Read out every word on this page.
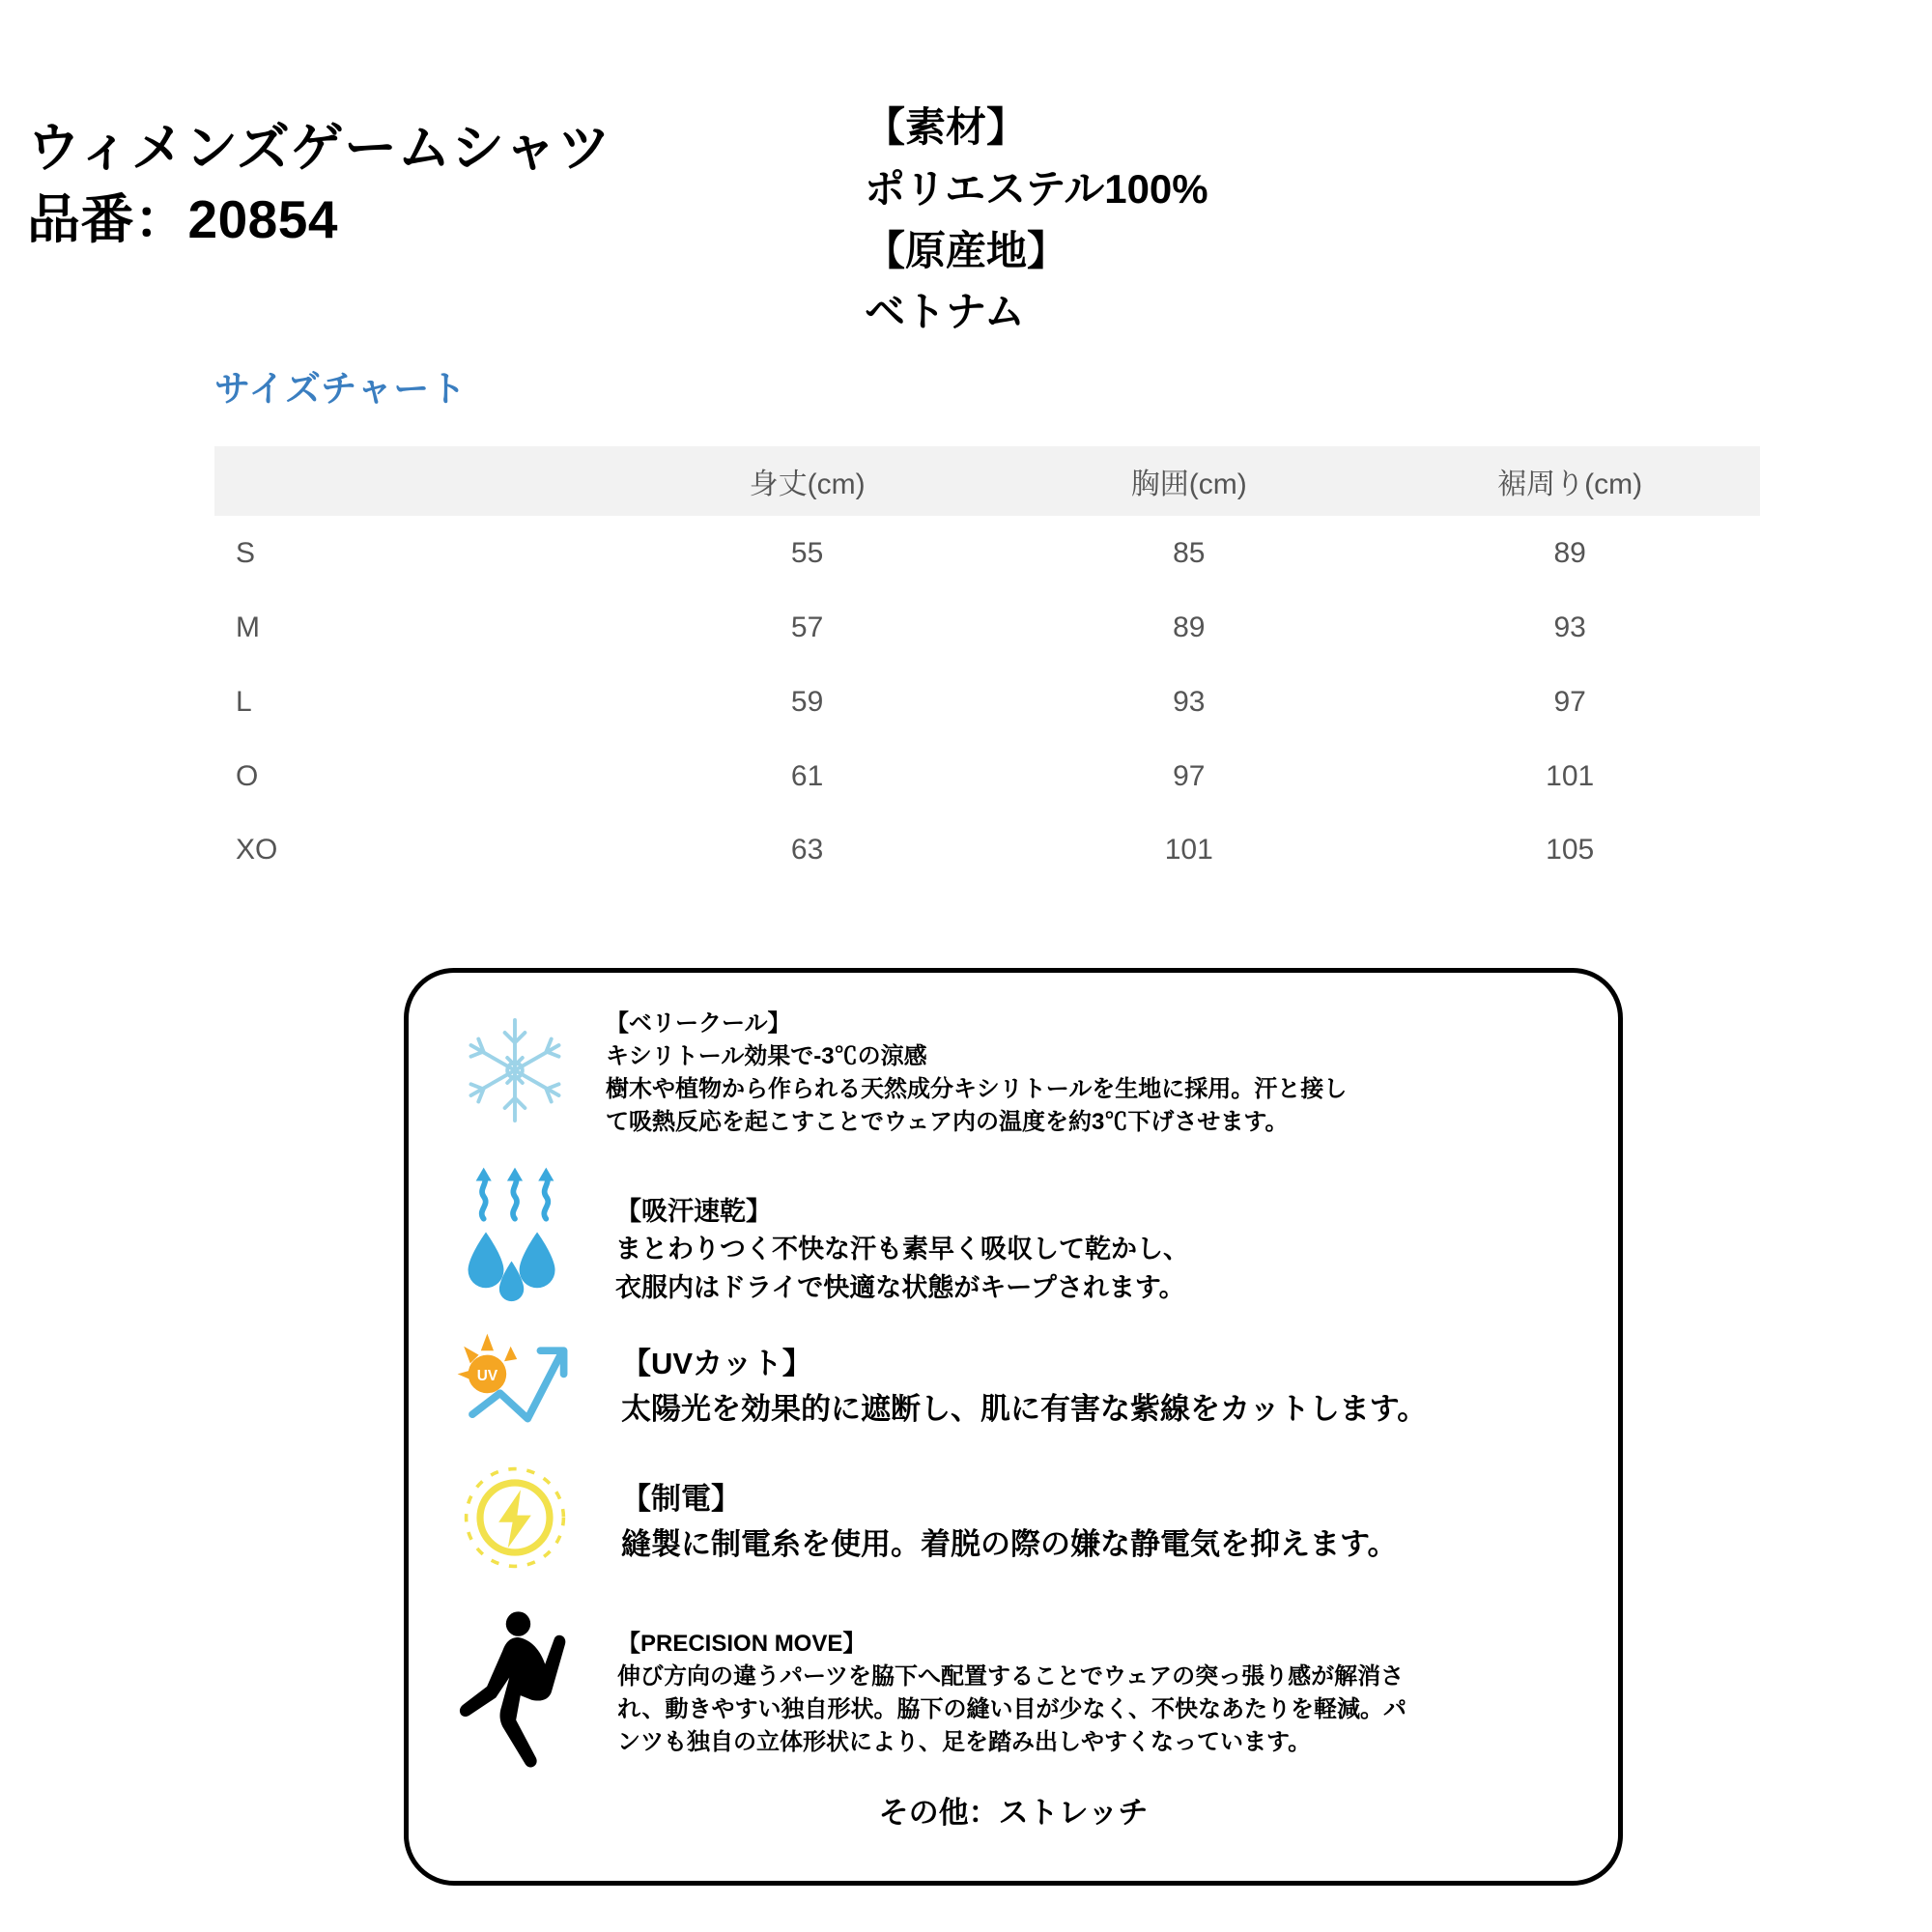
ウィメンズゲームシャツ
品番：20854
【素材】
ポリエステル100%
【原産地】
ベトナム
サイズチャート
	身丈(cm)	胸囲(cm)	裾周り(cm)
S	55	85	89
M	57	89	93
L	59	93	97
O	61	97	101
XO	63	101	105
【ベリークール】
キシリトール効果で-3℃の涼感
樹木や植物から作られる天然成分キシリトールを生地に採用。汗と接し
て吸熱反応を起こすことでウェア内の温度を約3℃下げさせます。
【吸汗速乾】
まとわりつく不快な汗も素早く吸収して乾かし、
衣服内はドライで快適な状態がキープされます。
UV	【UVカット】
太陽光を効果的に遮断し、肌に有害な紫線をカットします。
【制電】
縫製に制電糸を使用。着脱の際の嫌な静電気を抑えます。
【PRECISION MOVE】
伸び方向の違うパーツを脇下へ配置することでウェアの突っ張り感が解消さ
れ、動きやすい独自形状。脇下の縫い目が少なく、不快なあたりを軽減。パ
ンツも独自の立体形状により、足を踏み出しやすくなっています。
その他：ストレッチ
